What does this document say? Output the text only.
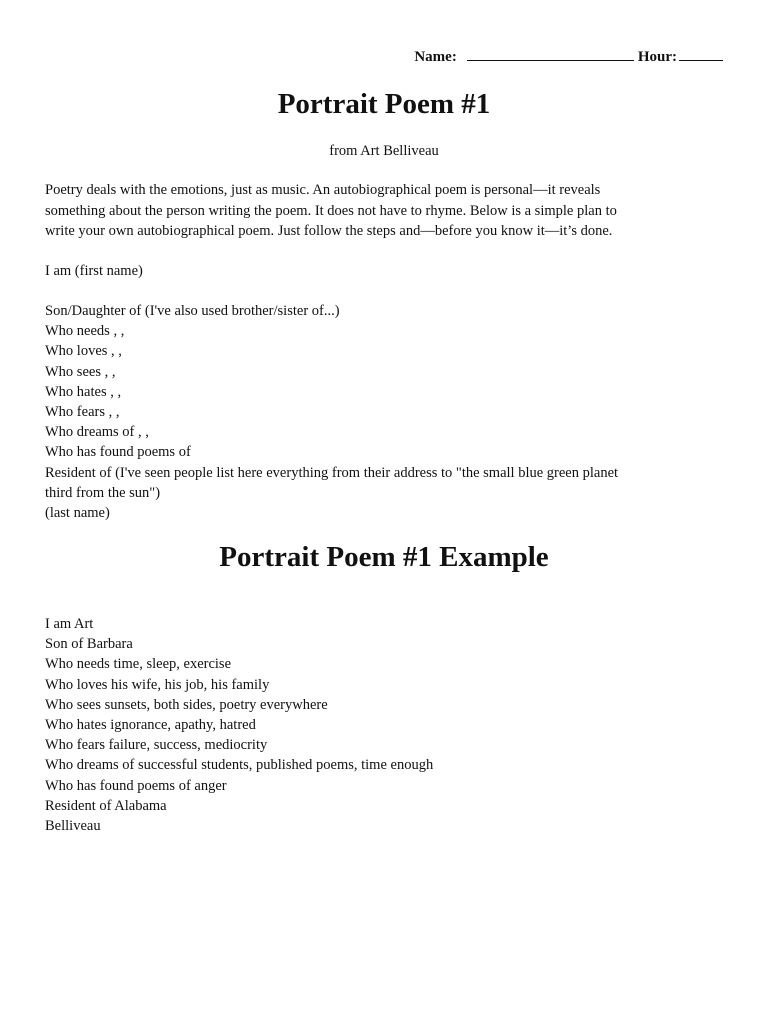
Name:	Hour:
Portrait Poem #1
from Art Belliveau
Poetry deals with the emotions, just as music. An autobiographical poem is personal—it reveals
something about the person writing the poem. It does not have to rhyme. Below is a simple plan to
write your own autobiographical poem. Just follow the steps and—before you know it—it’s done.
I am (first name)
Son/Daughter of (I've also used brother/sister of...)
Who needs , ,
Who loves , ,
Who sees , ,
Who hates , ,
Who fears , ,
Who dreams of , ,
Who has found poems of
Resident of (I've seen people list here everything from their address to "the small blue green planet
third from the sun")
(last name)
Portrait Poem #1 Example
I am Art
Son of Barbara
Who needs time, sleep, exercise
Who loves his wife, his job, his family
Who sees sunsets, both sides, poetry everywhere
Who hates ignorance, apathy, hatred
Who fears failure, success, mediocrity
Who dreams of successful students, published poems, time enough
Who has found poems of anger
Resident of Alabama
Belliveau
